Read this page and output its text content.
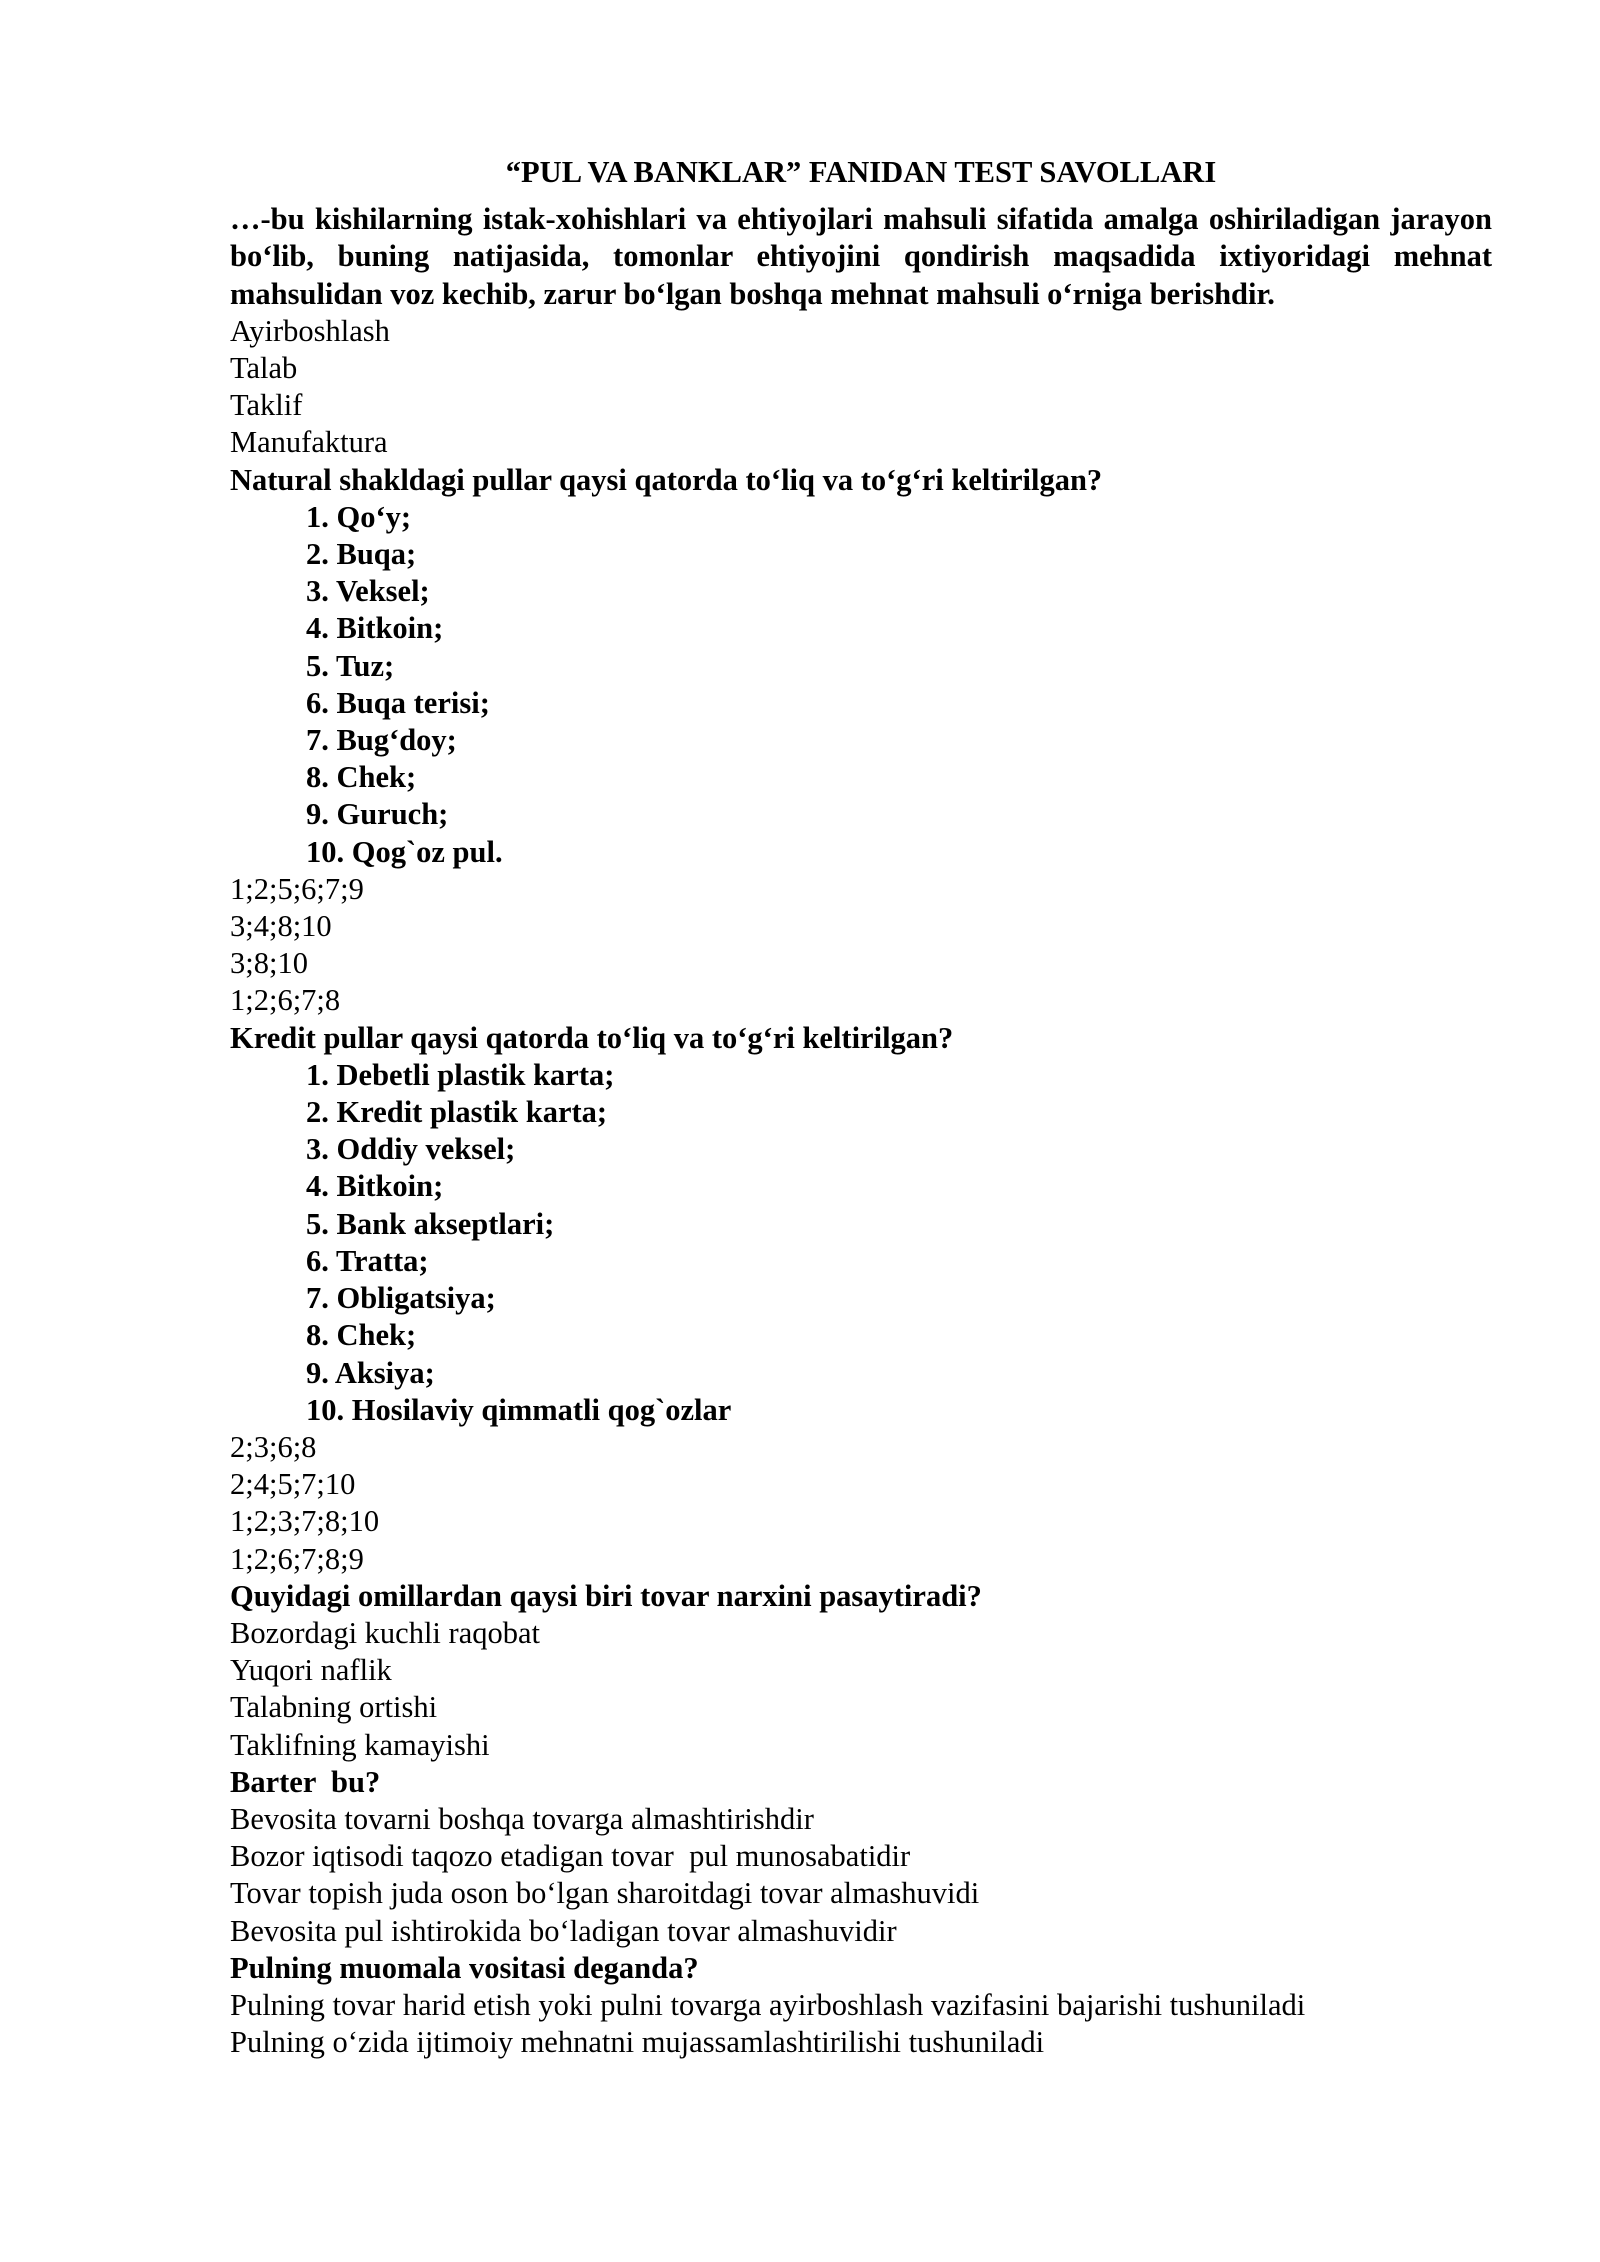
“PUL VA BANKLAR” FANIDAN TEST SAVOLLARI
…-bu kishilarning istak-xohishlari va ehtiyojlari mahsuli sifatida amalga oshiriladigan jarayon bo‘lib, buning natijasida, tomonlar ehtiyojini qondirish maqsadida ixtiyoridagi mehnat mahsulidan voz kechib, zarur bo‘lgan boshqa mehnat mahsuli o‘rniga berishdir.
Ayirboshlash
Talab
Taklif
Manufaktura
Natural shakldagi pullar qaysi qatorda to‘liq va to‘g‘ri keltirilgan?
1. Qo‘y;
2. Buqa;
3. Veksel;
4. Bitkoin;
5. Tuz;
6. Buqa terisi;
7. Bug‘doy;
8. Chek;
9. Guruch;
10. Qog`oz pul.
1;2;5;6;7;9
3;4;8;10
3;8;10
1;2;6;7;8
Kredit pullar qaysi qatorda to‘liq va to‘g‘ri keltirilgan?
1. Debetli plastik karta;
2. Kredit plastik karta;
3. Oddiy veksel;
4. Bitkoin;
5. Bank akseptlari;
6. Tratta;
7. Obligatsiya;
8. Chek;
9. Aksiya;
10. Hosilaviy qimmatli qog`ozlar
2;3;6;8
2;4;5;7;10
1;2;3;7;8;10
1;2;6;7;8;9
Quyidagi omillardan qaysi biri tovar narxini pasaytiradi?
Bozordagi kuchli raqobat
Yuqori naflik
Talabning ortishi
Taklifning kamayishi
Barter  bu?
Bevosita tovarni boshqa tovarga almashtirishdir
Bozor iqtisodi taqozo etadigan tovar  pul munosabatidir
Tovar topish juda oson bo‘lgan sharoitdagi tovar almashuvidi
Bevosita pul ishtirokida bo‘ladigan tovar almashuvidir
Pulning muomala vositasi deganda?
Pulning tovar harid etish yoki pulni tovarga ayirboshlash vazifasini bajarishi tushuniladi
Pulning o‘zida ijtimoiy mehnatni mujassamlashtirilishi tushuniladi
